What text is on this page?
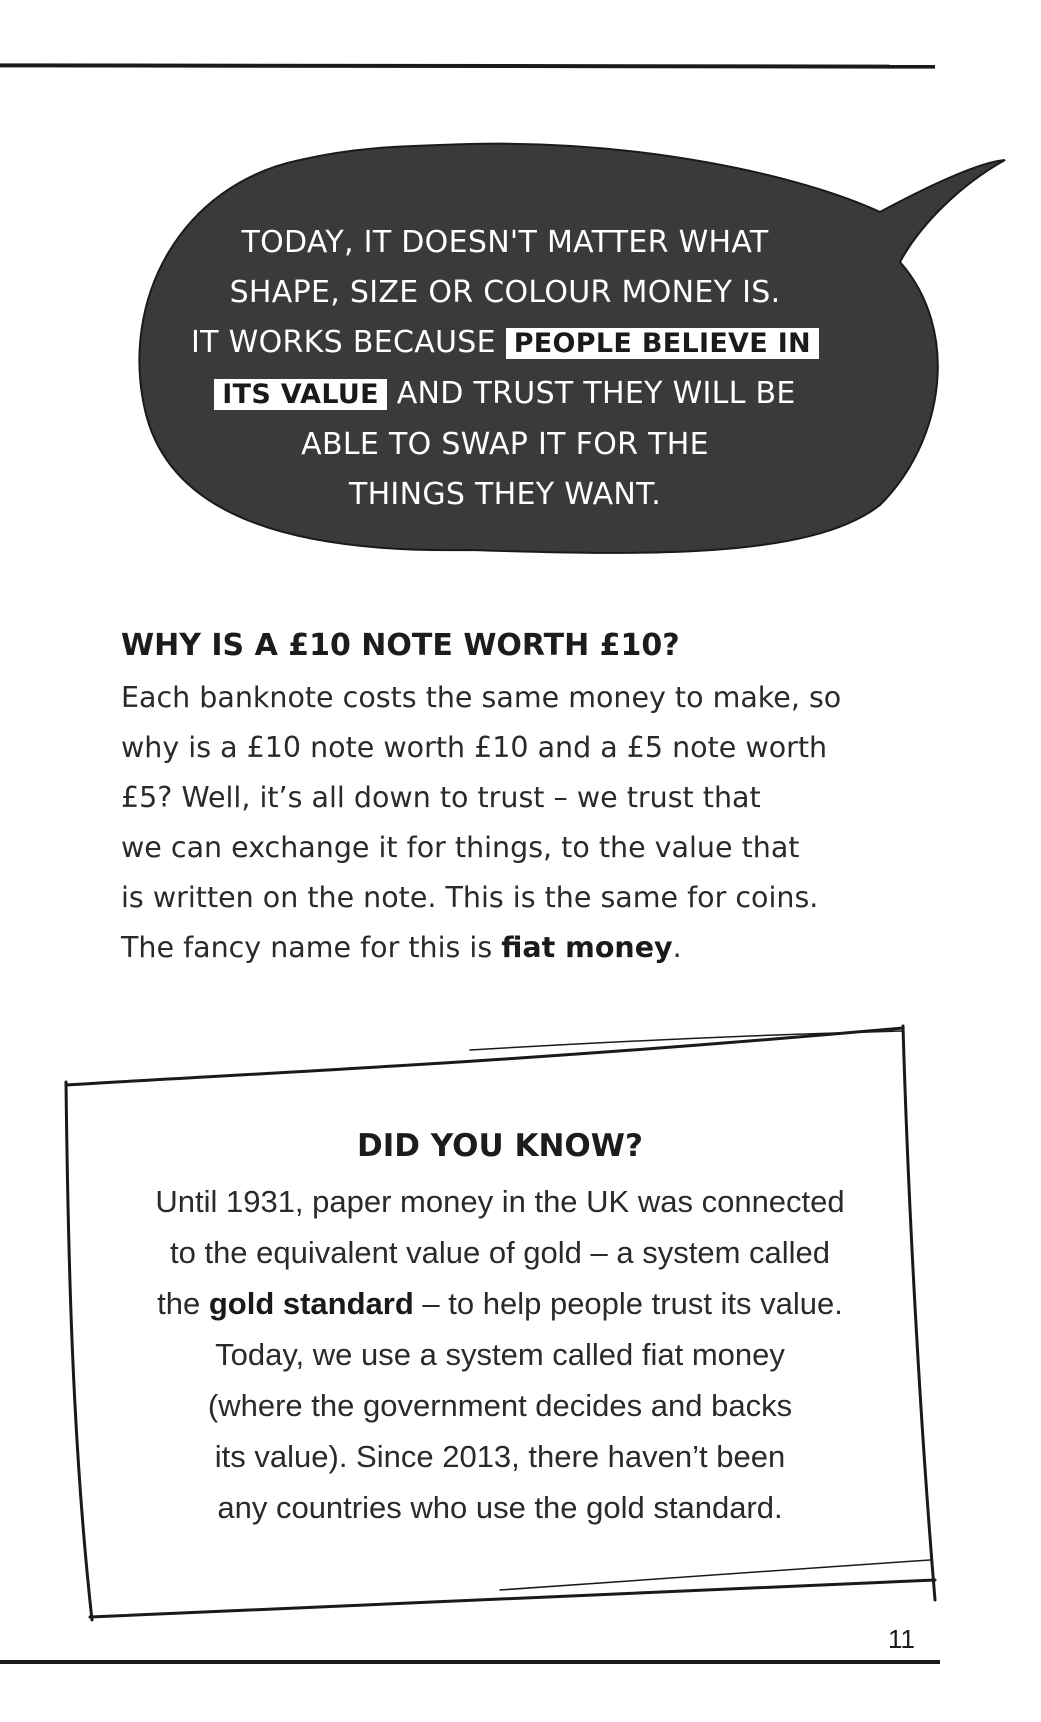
TODAY, IT DOESN'T MATTER WHAT
SHAPE, SIZE OR COLOUR MONEY IS.
IT WORKS BECAUSE PEOPLE BELIEVE IN
ITS VALUE AND TRUST THEY WILL BE
ABLE TO SWAP IT FOR THE
THINGS THEY WANT.
WHY IS A £10 NOTE WORTH £10?
Each banknote costs the same money to make, so
why is a £10 note worth £10 and a £5 note worth
£5? Well, it’s all down to trust – we trust that
we can exchange it for things, to the value that
is written on the note. This is the same for coins.
The fancy name for this is fiat money.
DID YOU KNOW?
Until 1931, paper money in the UK was connected
to the equivalent value of gold – a system called
the gold standard – to help people trust its value.
Today, we use a system called fiat money
(where the government decides and backs
its value). Since 2013, there haven’t been
any countries who use the gold standard.
11
